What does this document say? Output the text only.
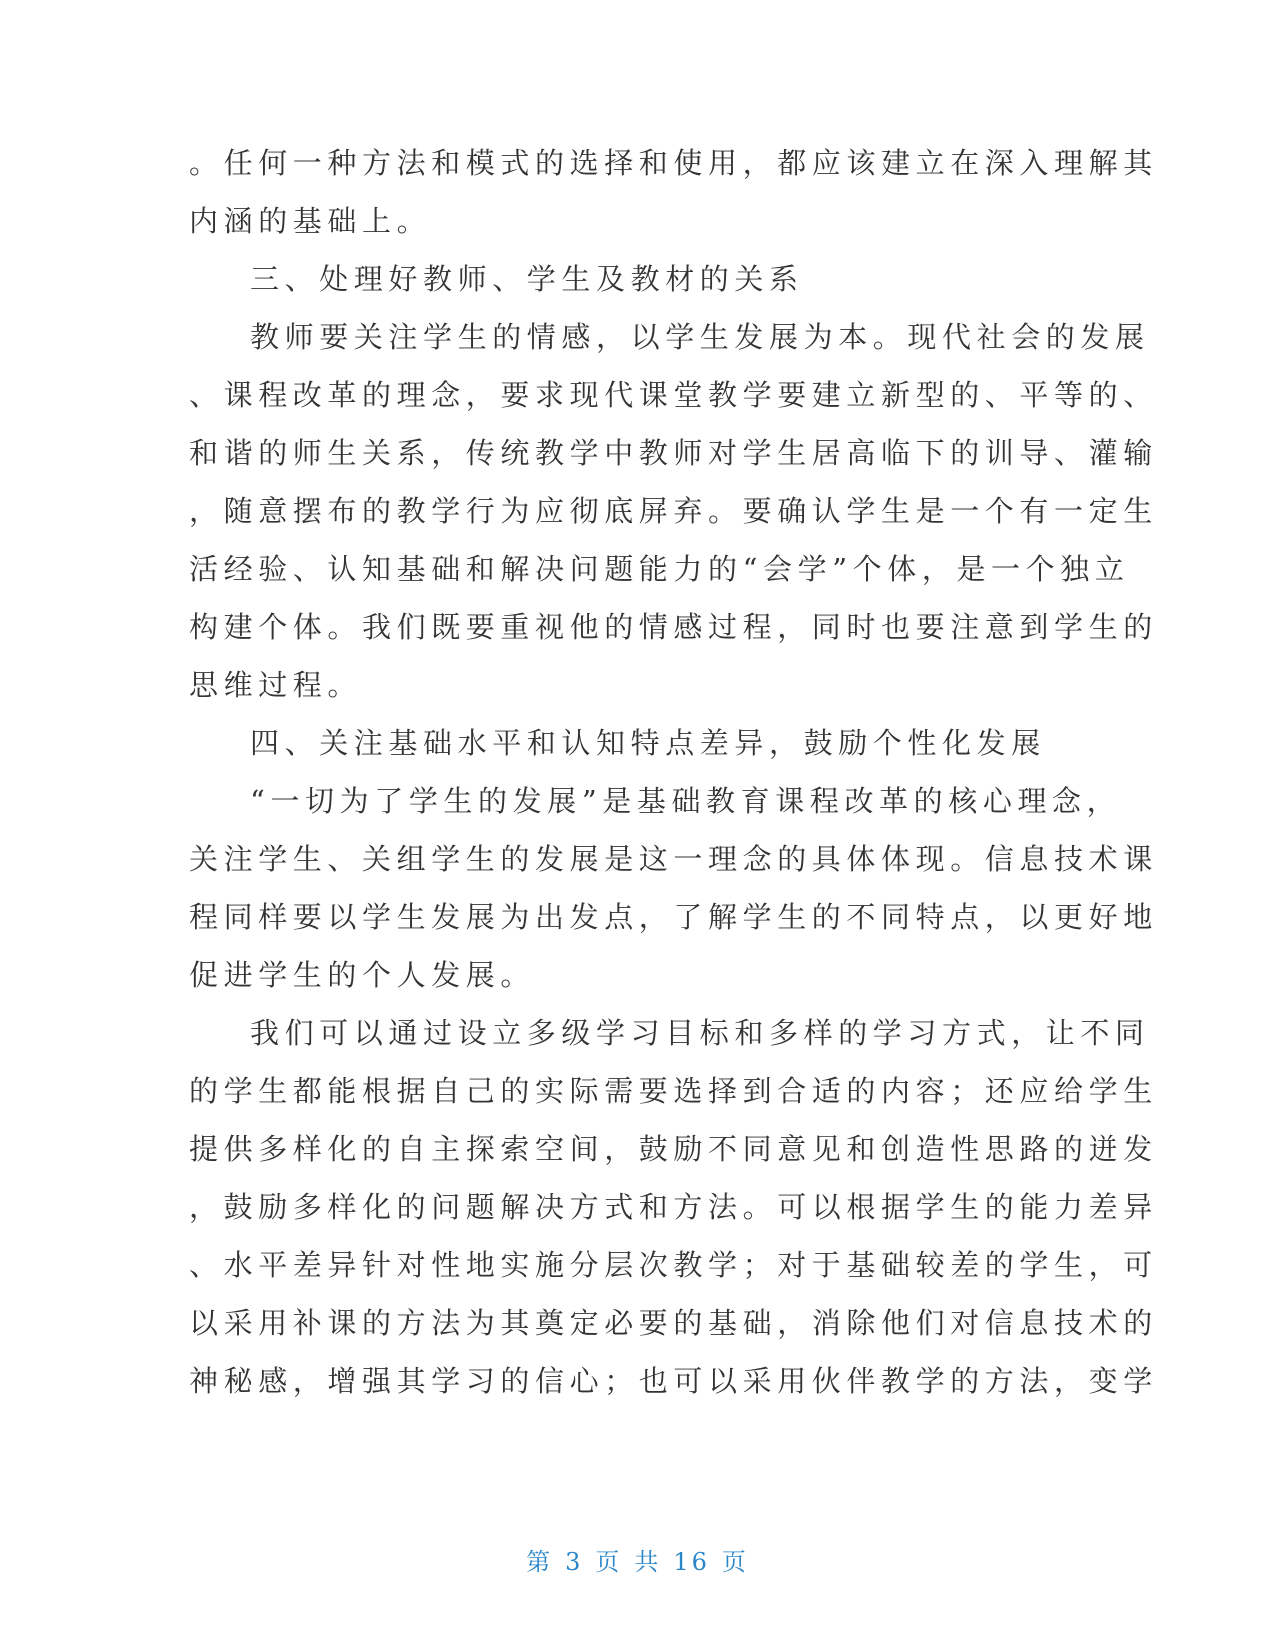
。任何一种方法和模式的选择和使用，都应该建立在深入理解其
内涵的基础上。
三、处理好教师、学生及教材的关系
教师要关注学生的情感，以学生发展为本。现代社会的发展
、课程改革的理念，要求现代课堂教学要建立新型的、平等的、
和谐的师生关系，传统教学中教师对学生居高临下的训导、灌输
，随意摆布的教学行为应彻底屏弃。要确认学生是一个有一定生
活经验、认知基础和解决问题能力的“会学”个体，是一个独立
构建个体。我们既要重视他的情感过程，同时也要注意到学生的
思维过程。
四、关注基础水平和认知特点差异，鼓励个性化发展
“一切为了学生的发展”是基础教育课程改革的核心理念，
关注学生、关组学生的发展是这一理念的具体体现。信息技术课
程同样要以学生发展为出发点，了解学生的不同特点，以更好地
促进学生的个人发展。
我们可以通过设立多级学习目标和多样的学习方式，让不同
的学生都能根据自己的实际需要选择到合适的内容；还应给学生
提供多样化的自主探索空间，鼓励不同意见和创造性思路的迸发
，鼓励多样化的问题解决方式和方法。可以根据学生的能力差异
、水平差异针对性地实施分层次教学；对于基础较差的学生，可
以采用补课的方法为其奠定必要的基础，消除他们对信息技术的
神秘感，增强其学习的信心；也可以采用伙伴教学的方法，变学
第 3 页 共 16 页
